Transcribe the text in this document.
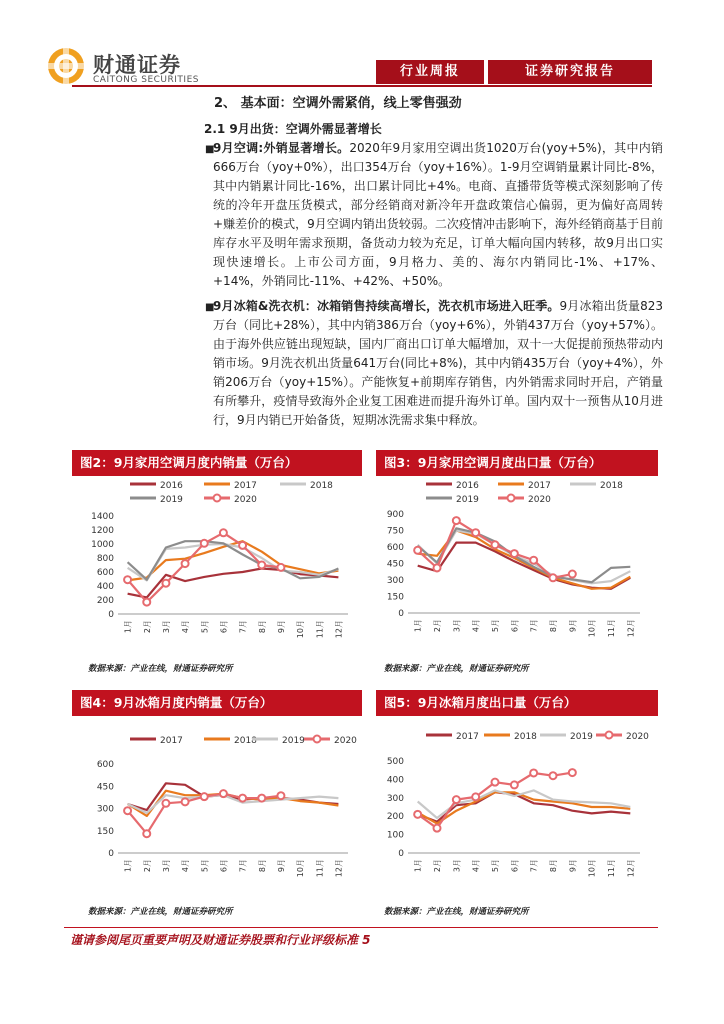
财通证券
CAITONG SECURITIES
行业周报	证券研究报告
2、 基本面：空调外需紧俏，线上零售强劲
2.1 9月出货：空调外需显著增长
■
9月空调:外销显著增长。2020年9月家用空调出货1020万台(yoy+5%)，其中内销666万台（yoy+0%），出口354万台（yoy+16%）。1-9月空调销量累计同比-8%，其中内销累计同比-16%，出口累计同比+4%。电商、直播带货等模式深刻影响了传统的冷年开盘压货模式，部分经销商对新冷年开盘政策信心偏弱，更为偏好高周转+赚差价的模式，9月空调内销出货较弱。二次疫情冲击影响下，海外经销商基于目前库存水平及明年需求预期，备货动力较为充足，订单大幅向国内转移，故9月出口实现快速增长。上市公司方面，9月格力、美的、海尔内销同比-1%、+17%、+14%，外销同比-11%、+42%、+50%。
■
9月冰箱&洗衣机：冰箱销售持续高增长，洗衣机市场进入旺季。9月冰箱出货量823万台（同比+28%），其中内销386万台（yoy+6%），外销437万台（yoy+57%）。由于海外供应链出现短缺，国内厂商出口订单大幅增加，双十一大促提前预热带动内销市场。9月洗衣机出货量641万台(同比+8%)，其中内销435万台（yoy+4%），外销206万台（yoy+15%）。产能恢复+前期库存销售，内外销需求同时开启，产销量有所攀升，疫情导致海外企业复工困难进而提升海外订单。国内双十一预售从10月进行，9月内销已开始备货，短期冰洗需求集中释放。
图2：9月家用空调月度内销量（万台）	图3：9月家用空调月度出口量（万台）
2016	2017	2018
2019	2020
0
200
400
600
800
1000
1200
1400
1月 2月 3月 4月 5月 6月 7月 8月 9月 10月 11月 12月
2016	2017	2018
2019	2020
0
150
300
450
600
750
900
1月 2月 3月 4月 5月 6月 7月 8月 9月 10月 11月 12月
数据来源：产业在线，财通证券研究所	数据来源：产业在线，财通证券研究所
图4：9月冰箱月度内销量（万台）	图5：9月冰箱月度出口量（万台）
2017	2018	2019	2020
0
150
300
450
600
1月 2月 3月 4月 5月 6月 7月 8月 9月 10月 11月 12月
2017	2018	2019	2020
0
100
200
300
400
500
1月 2月 3月 4月 5月 6月 7月 8月 9月 10月 11月 12月
数据来源：产业在线，财通证券研究所	数据来源：产业在线，财通证券研究所
谨请参阅尾页重要声明及财通证券股票和行业评级标准 5
